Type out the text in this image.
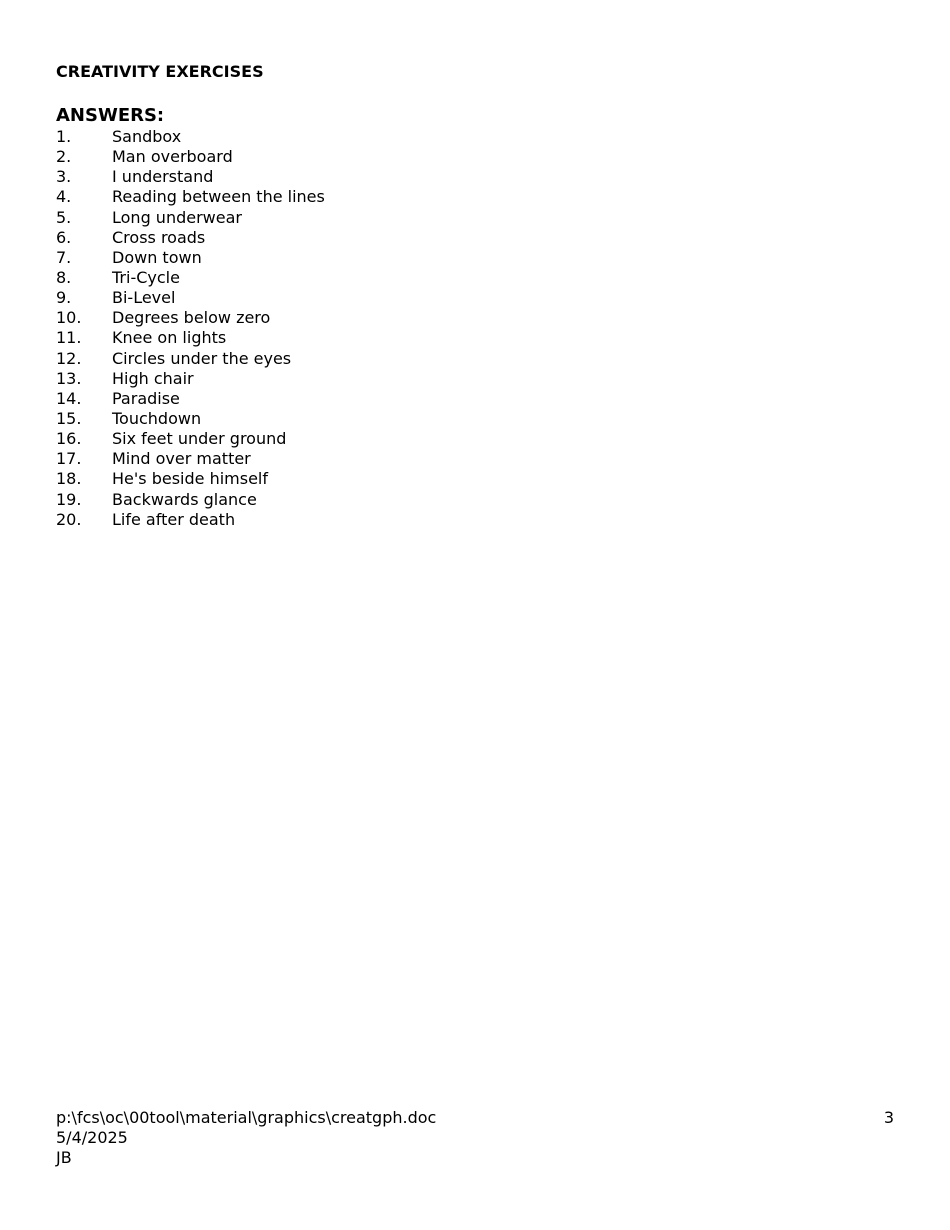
CREATIVITY EXERCISES
ANSWERS:
1.	Sandbox
2.	Man overboard
3.	I understand
4.	Reading between the lines
5.	Long underwear
6.	Cross roads
7.	Down town
8.	Tri-Cycle
9.	Bi-Level
10. Degrees below zero
11. Knee on lights
12. Circles under the eyes
13. High chair
14. Paradise
15. Touchdown
16. Six feet under ground
17. Mind over matter
18. He's beside himself
19. Backwards glance
20. Life after death
p:\fcs\oc\00tool\material\graphics\creatgph.doc
5/4/2025
JB
3
